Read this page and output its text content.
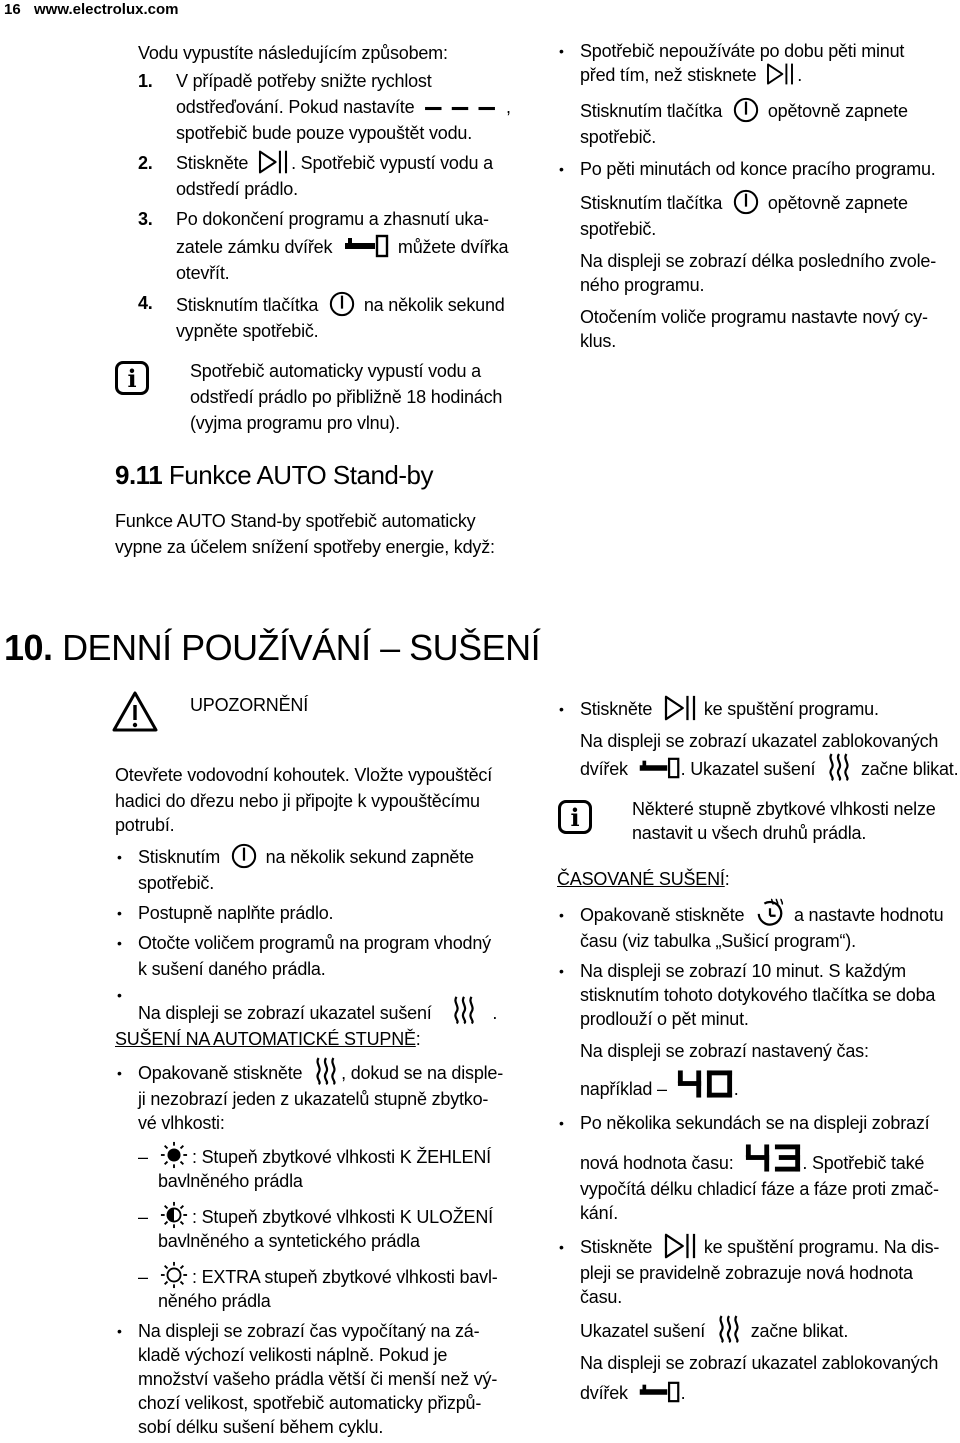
16 www.electrolux.com
Vodu vypustíte následujícím způsobem:
1. V případě potřeby snižte rychlost
odstřeďování. Pokud nastavíte	,
spotřebič bude pouze vypouštět vodu.
2. Stiskněte . Spotřebič vypustí vodu a
odstředí prádlo.
3. Po dokončení programu a zhasnutí uka-
zatele zámku dvířek	můžete dvířka
otevřít.
4. Stisknutím tlačítka	na několik sekund
vypněte spotřebič.
i	Spotřebič automaticky vypustí vodu a
odstředí prádlo po přibližně 18 hodinách
(vyjma programu pro vlnu).
9.11 Funkce AUTO Stand-by
Funkce AUTO Stand-by spotřebič automaticky
vypne za účelem snížení spotřeby energie, když:
• Spotřebič nepoužíváte po dobu pěti minut
před tím, než stisknete .
Stisknutím tlačítka	opětovně zapnete
spotřebič.
• Po pěti minutách od konce pracího programu.
Stisknutím tlačítka	opětovně zapnete
spotřebič.
Na displeji se zobrazí délka posledního zvole-
ného programu.
Otočením voliče programu nastavte nový cy-
klus.
10. DENNÍ POUŽÍVÁNÍ – SUŠENÍ
UPOZORNĚNÍ
Otevřete vodovodní kohoutek. Vložte vypouštěcí
hadici do dřezu nebo ji připojte k vypouštěcímu
potrubí.
• Stisknutím	na několik sekund zapněte
spotřebič.
• Postupně naplňte prádlo.
• Otočte voličem programů na program vhodný
k sušení daného prádla.
Na displeji se zobrazí ukazatel sušení	.
SUŠENÍ NA AUTOMATICKÉ STUPNĚ:
• Opakovaně stiskněte , dokud se na disple-
ji nezobrazí jeden z ukazatelů stupně zbytko-
vé vlhkosti:
–	: Stupeň zbytkové vlhkosti K ŽEHLENÍ
bavlněného prádla
–	: Stupeň zbytkové vlhkosti K ULOŽENÍ
bavlněného a syntetického prádla
–	: EXTRA stupeň zbytkové vlhkosti bavl-
něného prádla
• Na displeji se zobrazí čas vypočítaný na zá-
kladě výchozí velikosti náplně. Pokud je
množství vašeho prádla větší či menší než vý-
chozí velikost, spotřebič automaticky přizpů-
sobí délku sušení během cyklu.
• Stiskněte	ke spuštění programu.
Na displeji se zobrazí ukazatel zablokovaných
dvířek	. Ukazatel sušení	začne blikat.
i	Některé stupně zbytkové vlhkosti nelze
nastavit u všech druhů prádla.
ČASOVANÉ SUŠENÍ:
• Opakovaně stiskněte	a nastavte hodnotu
času (viz tabulka „Sušicí program“).
• Na displeji se zobrazí 10 minut. S každým
stisknutím tohoto dotykového tlačítka se doba
prodlouží o pět minut.
Na displeji se zobrazí nastavený čas:
například –	.
• Po několika sekundách se na displeji zobrazí
nová hodnota času:	. Spotřebič také
vypočítá délku chladicí fáze a fáze proti zmač-
kání.
• Stiskněte	ke spuštění programu. Na dis-
pleji se pravidelně zobrazuje nová hodnota
času.
Ukazatel sušení	začne blikat.
Na displeji se zobrazí ukazatel zablokovaných
dvířek	.
